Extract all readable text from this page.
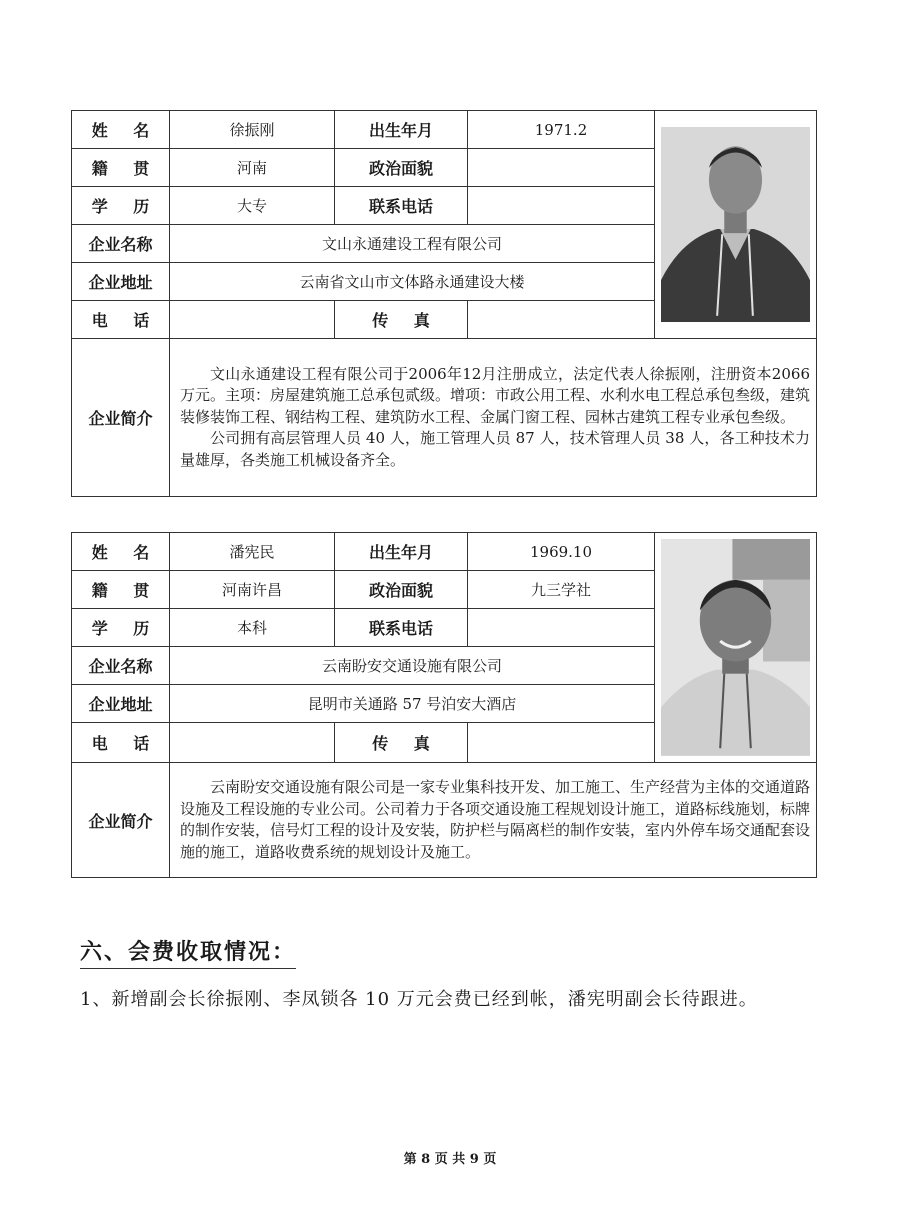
姓 名	徐振刚	出生年月	1971.2	

籍 贯	河南	政治面貌		
学 历	大专	联系电话		
企业名称	文山永通建设工程有限公司			
企业地址	云南省文山市文体路永通建设大楼			
电 话		传 真		
企业简介	文山永通建设工程有限公司于2006年12月注册成立，法定代表人徐振刚，注册资本2066万元。主项：房屋建筑施工总承包贰级。增项：市政公用工程、水利水电工程总承包叁级，建筑装修装饰工程、钢结构工程、建筑防水工程、金属门窗工程、园林古建筑工程专业承包叁级。

公司拥有高层管理人员 40 人，施工管理人员 87 人，技术管理人员 38 人，各工种技术力量雄厚，各类施工机械设备齐全。			

姓 名	潘宪民	出生年月	1969.10	

籍 贯	河南许昌	政治面貌	九三学社	
学 历	本科	联系电话		
企业名称	云南盼安交通设施有限公司			
企业地址	昆明市关通路 57 号泊安大酒店			
电 话		传 真		
企业简介	云南盼安交通设施有限公司是一家专业集科技开发、加工施工、生产经营为主体的交通道路设施及工程设施的专业公司。公司着力于各项交通设施工程规划设计施工，道路标线施划，标牌的制作安装，信号灯工程的设计及安装，防护栏与隔离栏的制作安装，室内外停车场交通配套设施的施工，道路收费系统的规划设计及施工。			

六、会费收取情况：
1、新增副会长徐振刚、李凤锁各 10 万元会费已经到帐，潘宪明副会长待跟进。
第 8 页 共 9 页
